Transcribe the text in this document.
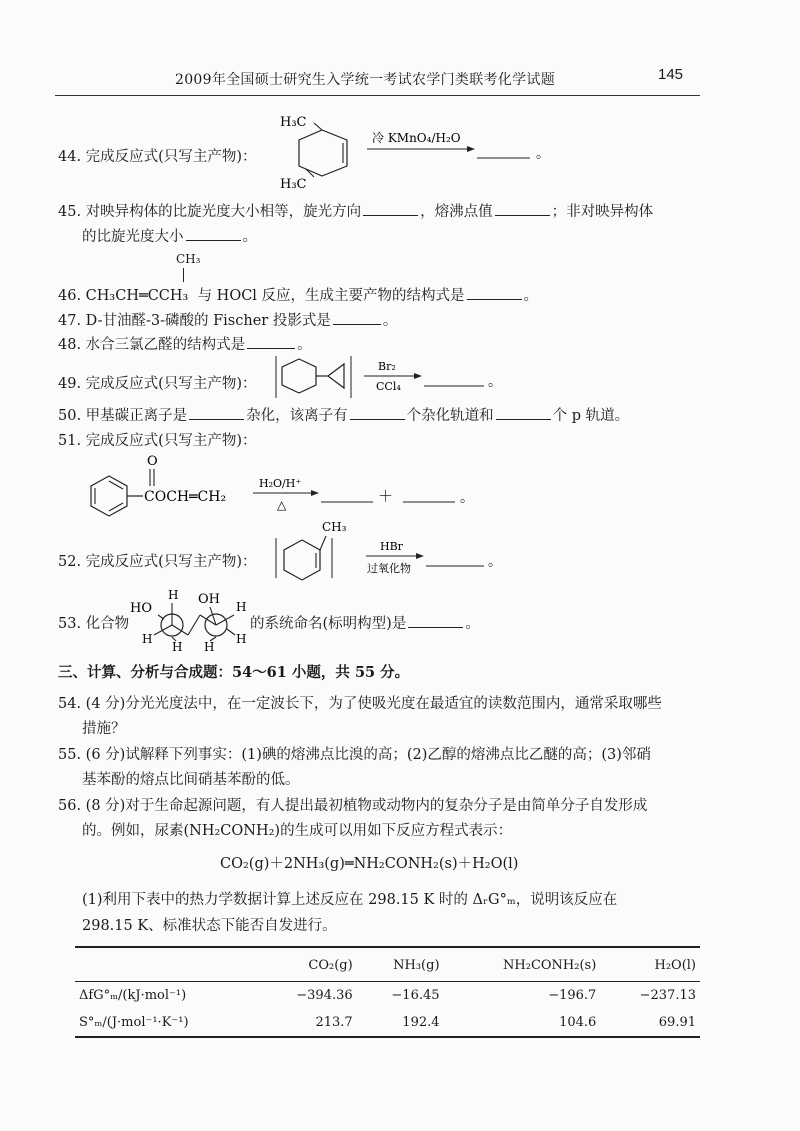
2009年全国硕士研究生入学统一考试农学门类联考化学试题	145
44. 完成反应式(只写主产物)：
H₃C
H₃C
冷 KMnO₄/H₂O
。
45. 对映异构体的比旋光度大小相等，旋光方向	，熔沸点值	；非对映异构体
的比旋光度大小	。
CH₃
46. CH₃CH═CCH₃ 与 HOCl 反应，生成主要产物的结构式是	。
47. D-甘油醛-3-磷酸的 Fischer 投影式是	。
48. 水合三氯乙醛的结构式是	。
49. 完成反应式(只写主产物)：
Br₂
CCl₄	。
50. 甲基碳正离子是	杂化，该离子有	个杂化轨道和	个 p 轨道。
51. 完成反应式(只写主产物)：
O
COCH═CH₂
H₂O/H⁺
△	＋	。
52. 完成反应式(只写主产物)：
CH₃
HBr
过氧化物	。
53. 化合物
HO
OH
H
H
H
H H
H
的系统命名(标明构型)是	。
三、计算、分析与合成题：54～61 小题，共 55 分。
54. (4 分)分光光度法中，在一定波长下，为了使吸光度在最适宜的读数范围内，通常采取哪些
措施？
55. (6 分)试解释下列事实：(1)碘的熔沸点比溴的高；(2)乙醇的熔沸点比乙醚的高；(3)邻硝
基苯酚的熔点比间硝基苯酚的低。
56. (8 分)对于生命起源问题，有人提出最初植物或动物内的复杂分子是由简单分子自发形成
的。例如，尿素(NH₂CONH₂)的生成可以用如下反应方程式表示：
CO₂(g)＋2NH₃(g)═NH₂CONH₂(s)＋H₂O(l)
(1)利用下表中的热力学数据计算上述反应在 298.15 K 时的 ΔᵣG°ₘ，说明该反应在
298.15 K、标准状态下能否自发进行。
	CO₂(g)	NH₃(g)	NH₂CONH₂(s)	H₂O(l)
ΔfG°ₘ/(kJ·mol⁻¹)	−394.36	−16.45	−196.7	−237.13
S°ₘ/(J·mol⁻¹·K⁻¹)	213.7	192.4	104.6	69.91
